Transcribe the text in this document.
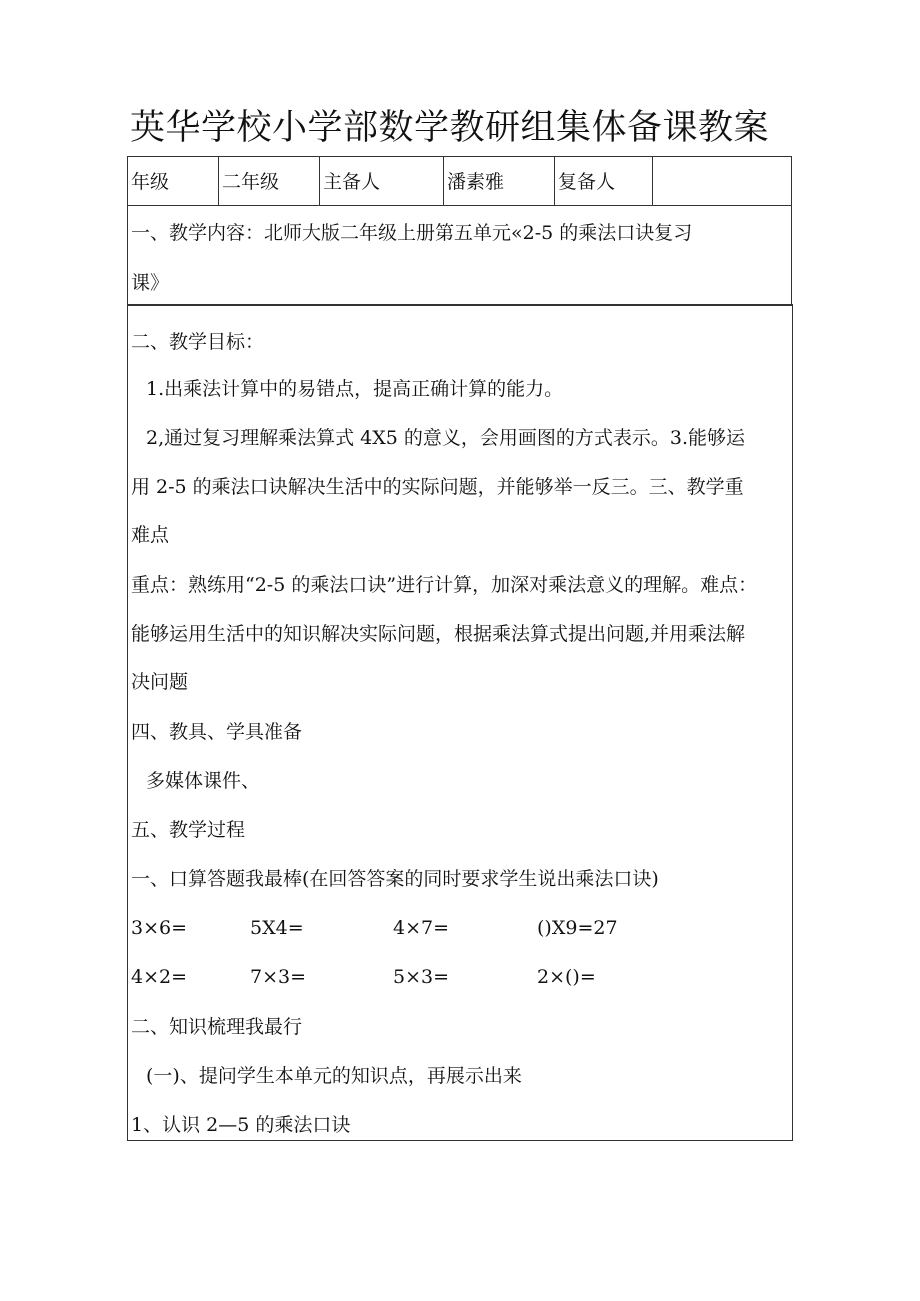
英华学校小学部数学教研组集体备课教案
年级	二年级	主备人	潘素雅	复备人
一、教学内容：北师大版二年级上册第五单元«2-5 的乘法口诀复习
课》
二、教学目标：
1.出乘法计算中的易错点，提高正确计算的能力。
2,通过复习理解乘法算式 4X5 的意义，会用画图的方式表示。3.能够运
用 2-5 的乘法口诀解决生活中的实际问题，并能够举一反三。三、教学重
难点
重点：熟练用“2-5 的乘法口诀”进行计算，加深对乘法意义的理解。难点：
能够运用生活中的知识解决实际问题，根据乘法算式提出问题,并用乘法解
决问题
四、教具、学具准备
多媒体课件、
五、教学过程
一、口算答题我最棒(在回答答案的同时要求学生说出乘法口诀)
3×6=	5X4=	4×7=	()X9=27
4×2=	7×3=	5×3=	2×()=
二、知识梳理我最行
(一)、提问学生本单元的知识点，再展示出来
1、认识 2—5 的乘法口诀
